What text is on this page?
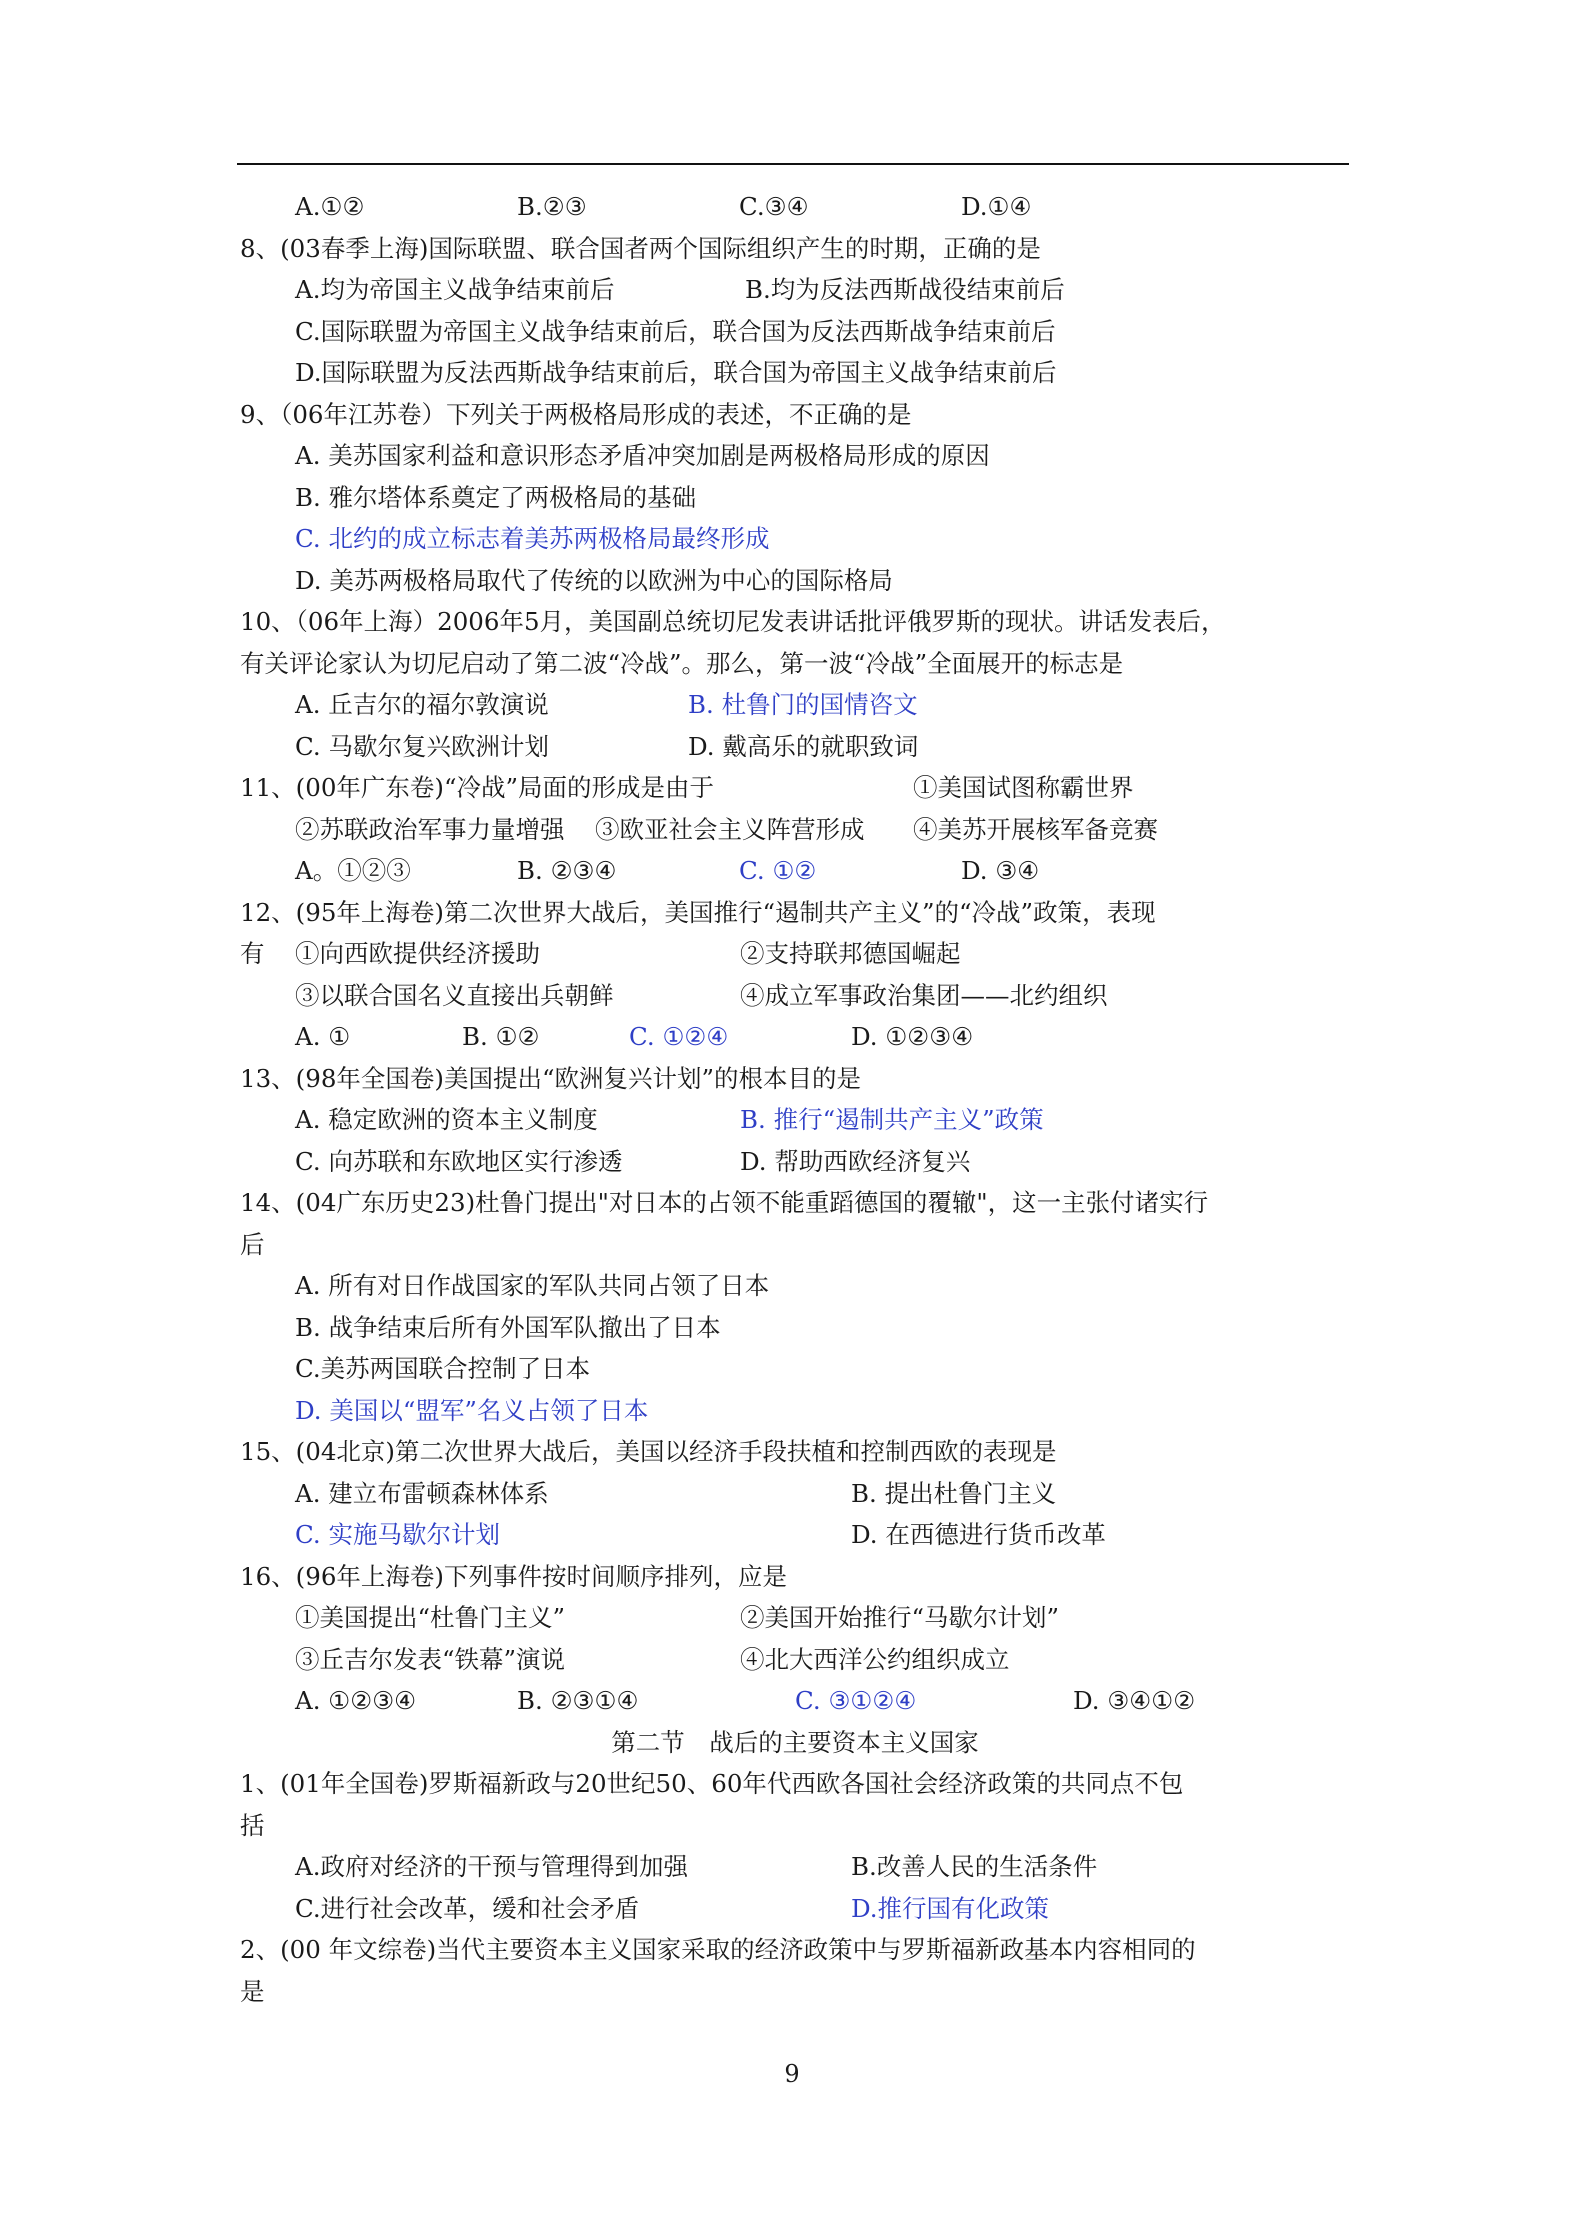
A.①②	B.②③	C.③④	D.①④
8、(03春季上海)国际联盟、联合国者两个国际组织产生的时期，正确的是
A.均为帝国主义战争结束前后	B.均为反法西斯战役结束前后
C.国际联盟为帝国主义战争结束前后，联合国为反法西斯战争结束前后
D.国际联盟为反法西斯战争结束前后，联合国为帝国主义战争结束前后
9、（06年江苏卷）下列关于两极格局形成的表述，不正确的是
A. 美苏国家利益和意识形态矛盾冲突加剧是两极格局形成的原因
B. 雅尔塔体系奠定了两极格局的基础
C. 北约的成立标志着美苏两极格局最终形成
D. 美苏两极格局取代了传统的以欧洲为中心的国际格局
10、（06年上海）2006年5月，美国副总统切尼发表讲话批评俄罗斯的现状。讲话发表后，
有关评论家认为切尼启动了第二波“冷战”。那么，第一波“冷战”全面展开的标志是
A. 丘吉尔的福尔敦演说	B. 杜鲁门的国情咨文
C. 马歇尔复兴欧洲计划	D. 戴高乐的就职致词
11、(00年广东卷)“冷战”局面的形成是由于	①美国试图称霸世界
②苏联政治军事力量增强	③欧亚社会主义阵营形成	④美苏开展核军备竞赛
A。①②③	B. ②③④	C. ①②	D. ③④
12、(95年上海卷)第二次世界大战后，美国推行“遏制共产主义”的“冷战”政策，表现
有	①向西欧提供经济援助	②支持联邦德国崛起
③以联合国名义直接出兵朝鲜	④成立军事政治集团——北约组织
A. ①	B. ①②	C. ①②④	D. ①②③④
13、(98年全国卷)美国提出“欧洲复兴计划”的根本目的是
A. 稳定欧洲的资本主义制度	B. 推行“遏制共产主义”政策
C. 向苏联和东欧地区实行渗透	D. 帮助西欧经济复兴
14、(04广东历史23)杜鲁门提出"对日本的占领不能重蹈德国的覆辙"，这一主张付诸实行
后
A. 所有对日作战国家的军队共同占领了日本
B. 战争结束后所有外国军队撤出了日本
C.美苏两国联合控制了日本
D. 美国以“盟军”名义占领了日本
15、(04北京)第二次世界大战后，美国以经济手段扶植和控制西欧的表现是
A. 建立布雷顿森林体系	B. 提出杜鲁门主义
C. 实施马歇尔计划	D. 在西德进行货币改革
16、(96年上海卷)下列事件按时间顺序排列，应是
①美国提出“杜鲁门主义”	②美国开始推行“马歇尔计划”
③丘吉尔发表“铁幕”演说	④北大西洋公约组织成立
A. ①②③④	B. ②③①④	C. ③①②④	D. ③④①②
第二节　战后的主要资本主义国家
1、(01年全国卷)罗斯福新政与20世纪50、60年代西欧各国社会经济政策的共同点不包
括
A.政府对经济的干预与管理得到加强	B.改善人民的生活条件
C.进行社会改革，缓和社会矛盾	D.推行国有化政策
2、(00 年文综卷)当代主要资本主义国家采取的经济政策中与罗斯福新政基本内容相同的
是
9
